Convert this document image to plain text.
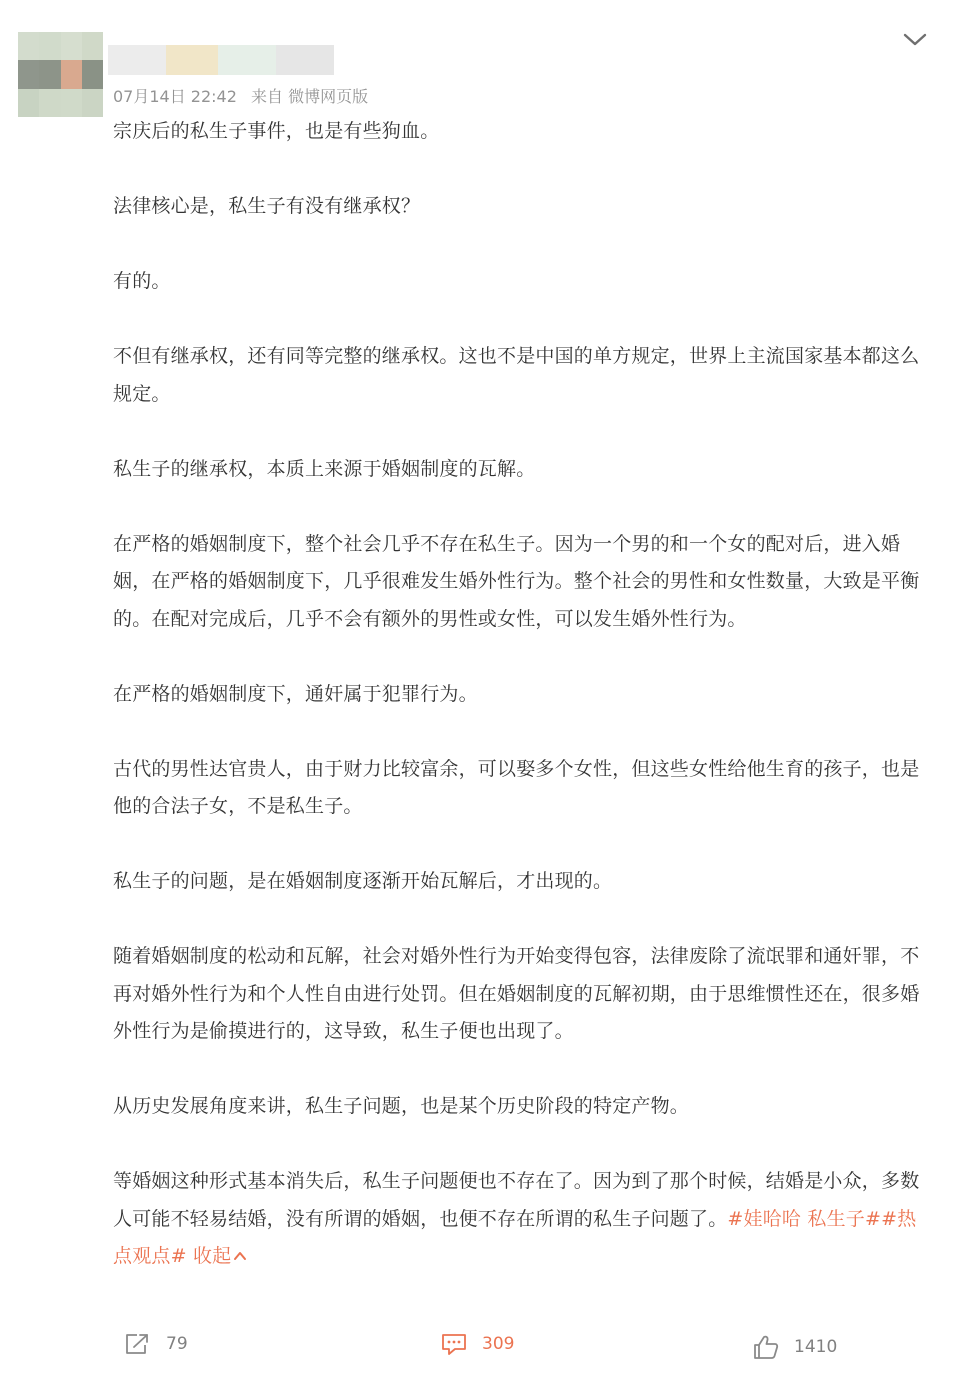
07月14日 22:42 来自 微博网页版

宗庆后的私生子事件，也是有些狗血。

法律核心是，私生子有没有继承权？

有的。

不但有继承权，还有同等完整的继承权。这也不是中国的单方规定，世界上主流国家基本都这么规定。

私生子的继承权，本质上来源于婚姻制度的瓦解。

在严格的婚姻制度下，整个社会几乎不存在私生子。因为一个男的和一个女的配对后，进入婚姻，在严格的婚姻制度下，几乎很难发生婚外性行为。整个社会的男性和女性数量，大致是平衡的。在配对完成后，几乎不会有额外的男性或女性，可以发生婚外性行为。

在严格的婚姻制度下，通奸属于犯罪行为。

古代的男性达官贵人，由于财力比较富余，可以娶多个女性，但这些女性给他生育的孩子，也是他的合法子女，不是私生子。

私生子的问题，是在婚姻制度逐渐开始瓦解后，才出现的。

随着婚姻制度的松动和瓦解，社会对婚外性行为开始变得包容，法律废除了流氓罪和通奸罪，不再对婚外性行为和个人性自由进行处罚。但在婚姻制度的瓦解初期，由于思维惯性还在，很多婚外性行为是偷摸进行的，这导致，私生子便也出现了。

从历史发展角度来讲，私生子问题，也是某个历史阶段的特定产物。

等婚姻这种形式基本消失后，私生子问题便也不存在了。因为到了那个时候，结婚是小众，多数人可能不轻易结婚，没有所谓的婚姻，也便不存在所谓的私生子问题了。#娃哈哈 私生子##热点观点# 收起

79	309	1410
